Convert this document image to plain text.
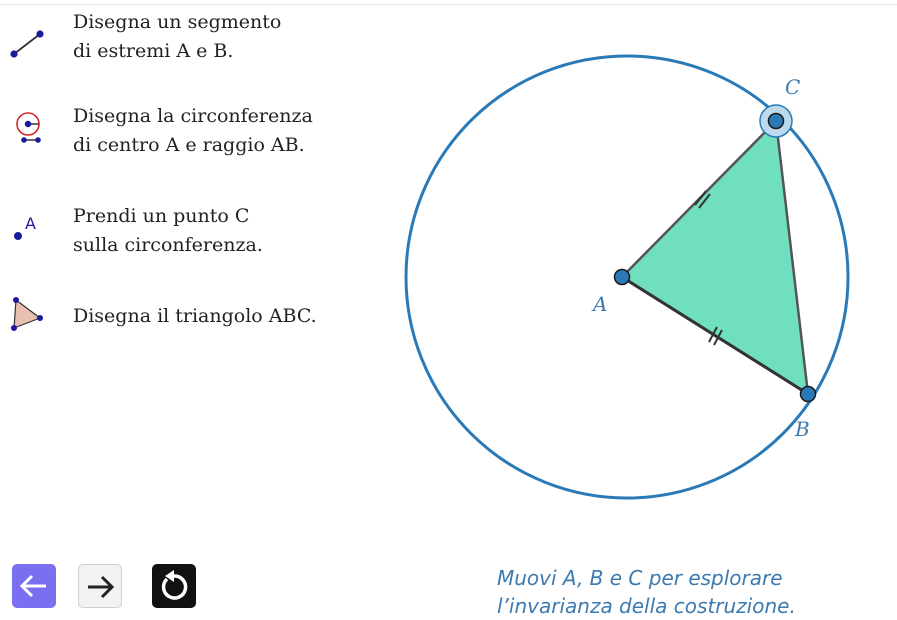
Disegna un segmento
di estremi A e B.
Disegna la circonferenza
di centro A e raggio AB.
A Prendi un punto C
sulla circonferenza.
Disegna il triangolo ABC.	A
B
C
Muovi A, B e C per esplorare
l’invarianza della costruzione.
